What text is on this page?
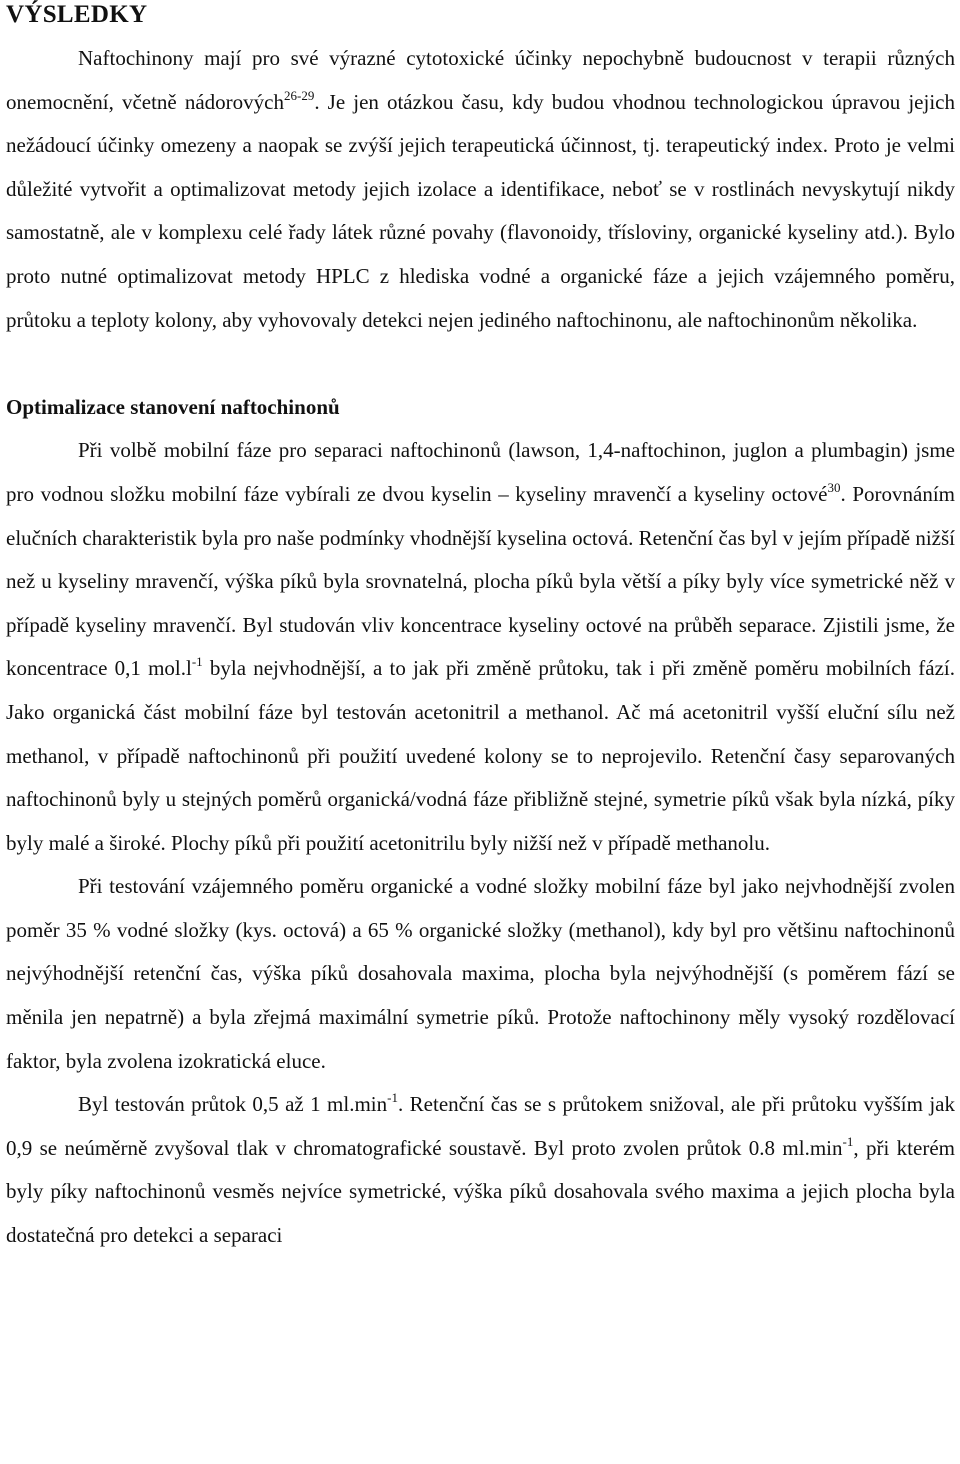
VÝSLEDKY

Naftochinony mají pro své výrazné cytotoxické účinky nepochybně budoucnost v terapii různých onemocnění, včetně nádorových$^{26-29}$. Je jen otázkou času, kdy budou vhodnou technologickou úpravou jejich nežádoucí účinky omezeny a naopak se zvýší jejich terapeutická účinnost, tj. terapeutický index. Proto je velmi důležité vytvořit a optimalizovat metody jejich izolace a identifikace, neboť se v rostlinách nevyskytují nikdy samostatně, ale v komplexu celé řady látek různé povahy (flavonoidy, třísloviny, organické kyseliny atd.). Bylo proto nutné optimalizovat metody HPLC z hlediska vodné a organické fáze a jejich vzájemného poměru, průtoku a teploty kolony, aby vyhovovaly detekci nejen jediného naftochinonu, ale naftochinonům několika.

Optimalizace stanovení naftochinonů

Při volbě mobilní fáze pro separaci naftochinonů (lawson, 1,4-naftochinon, juglon a plumbagin) jsme pro vodnou složku mobilní fáze vybírali ze dvou kyselin – kyseliny mravenčí a kyseliny octové$^{30}$. Porovnáním elučních charakteristik byla pro naše podmínky vhodnější kyselina octová. Retenční čas byl v jejím případě nižší než u kyseliny mravenčí, výška píků byla srovnatelná, plocha píků byla větší a píky byly více symetrické něž v případě kyseliny mravenčí. Byl studován vliv koncentrace kyseliny octové na průběh separace. Zjistili jsme, že koncentrace 0,1 $mol.l^{-1}$ byla nejvhodnější, a to jak při změně průtoku, tak i při změně poměru mobilních fází. Jako organická část mobilní fáze byl testován acetonitril a methanol. Ač má acetonitril vyšší eluční sílu než methanol, v případě naftochinonů při použití uvedené kolony se to neprojevilo. Retenční časy separovaných naftochinonů byly u stejných poměrů organická/vodná fáze přibližně stejné, symetrie píků však byla nízká, píky byly malé a široké. Plochy píků při použití acetonitrilu byly nižší než v případě methanolu.

Při testování vzájemného poměru organické a vodné složky mobilní fáze byl jako nejvhodnější zvolen poměr 35 % vodné složky (kys. octová) a 65 % organické složky (methanol), kdy byl pro většinu naftochinonů nejvýhodnější retenční čas, výška píků dosahovala maxima, plocha byla nejvýhodnější (s poměrem fází se měnila jen nepatrně) a byla zřejmá maximální symetrie píků. Protože naftochinony měly vysoký rozdělovací faktor, byla zvolena izokratická eluce.

Byl testován průtok 0,5 až 1 $ml.\min^{-1}$. Retenční čas se s průtokem snižoval, ale při průtoku vyšším jak 0,9 se neúměrně zvyšoval tlak v chromatografické soustavě. Byl proto zvolen průtok 0.8 $ml.\min^{-1}$, při kterém byly píky naftochinonů vesměs nejvíce symetrické, výška píků dosahovala svého maxima a jejich plocha byla dostatečná pro detekci a separaci
